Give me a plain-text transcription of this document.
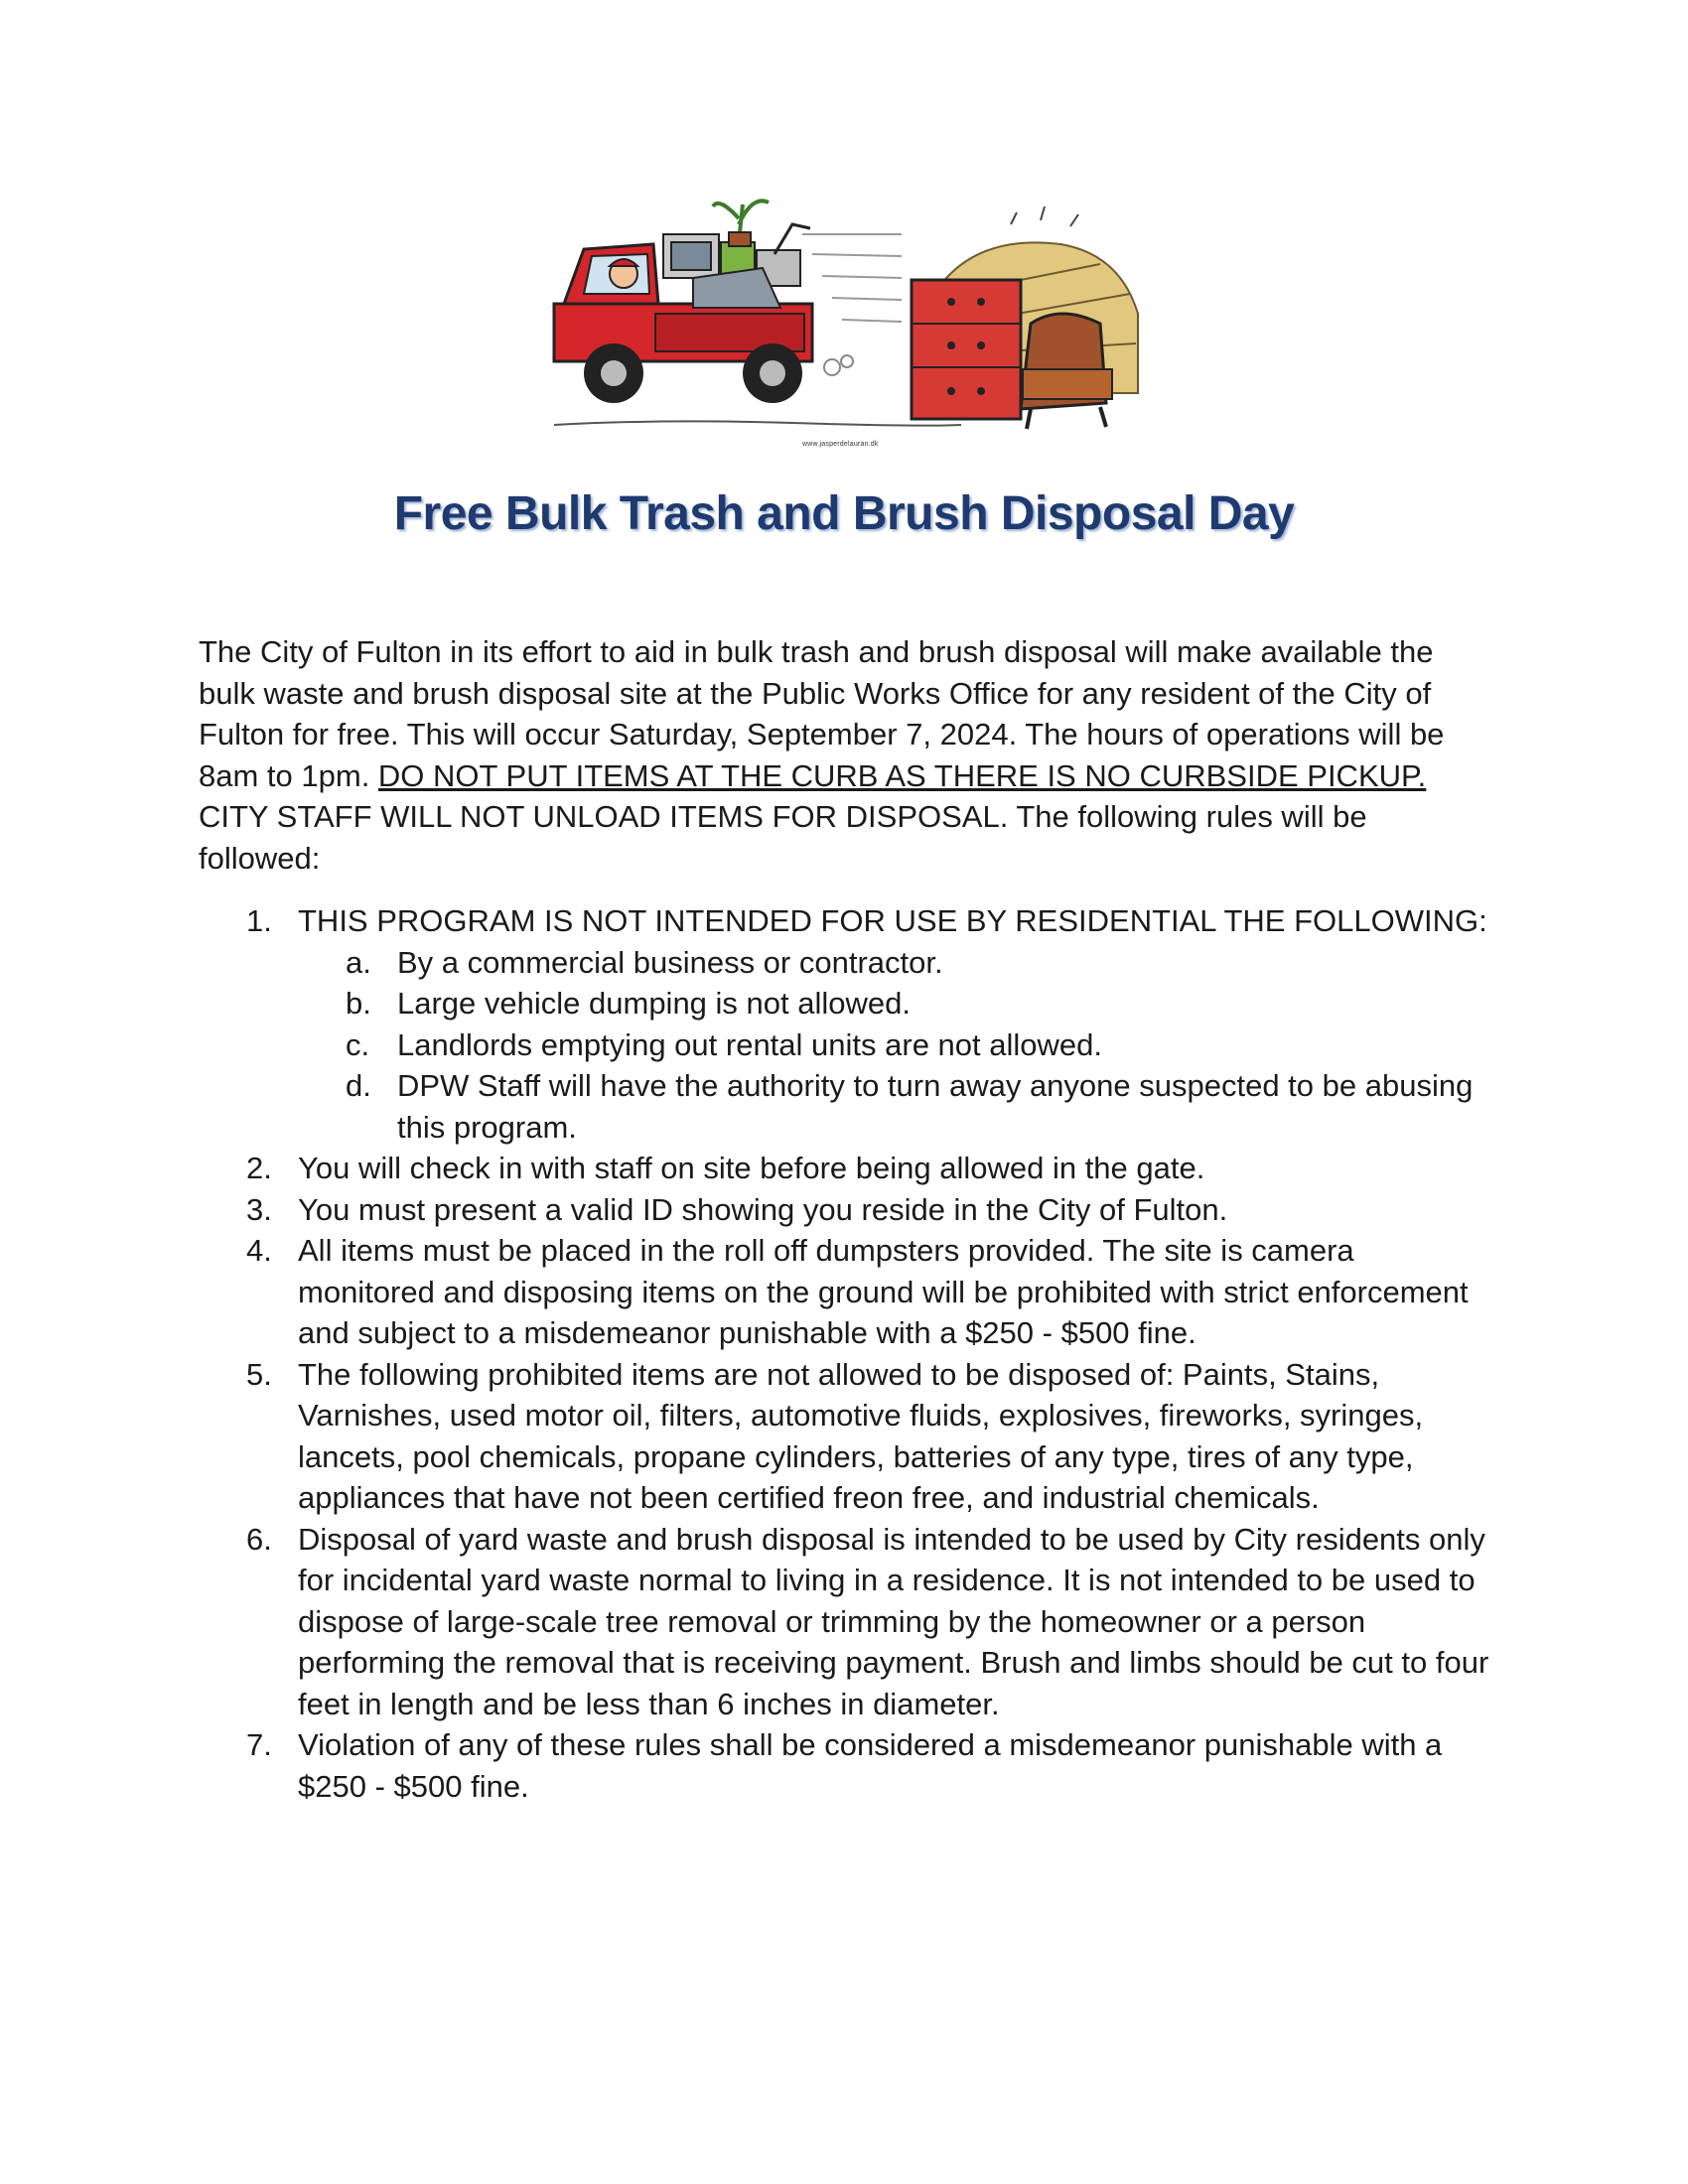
www.jasperdelauran.dk
Free Bulk Trash and Brush Disposal Day

The City of Fulton in its effort to aid in bulk trash and brush disposal will make available the bulk waste and brush disposal site at the Public Works Office for any resident of the City of Fulton for free. This will occur Saturday, September 7, 2024. The hours of operations will be 8am to 1pm. DO NOT PUT ITEMS AT THE CURB AS THERE IS NO CURBSIDE PICKUP. CITY STAFF WILL NOT UNLOAD ITEMS FOR DISPOSAL. The following rules will be followed:

1. THIS PROGRAM IS NOT INTENDED FOR USE BY RESIDENTIAL THE FOLLOWING:
a. By a commercial business or contractor.
b. Large vehicle dumping is not allowed.
c. Landlords emptying out rental units are not allowed.
d. DPW Staff will have the authority to turn away anyone suspected to be abusing this program.
2. You will check in with staff on site before being allowed in the gate.
3. You must present a valid ID showing you reside in the City of Fulton.
4. All items must be placed in the roll off dumpsters provided. The site is camera monitored and disposing items on the ground will be prohibited with strict enforcement and subject to a misdemeanor punishable with a $250 - $500 fine.
5. The following prohibited items are not allowed to be disposed of: Paints, Stains, Varnishes, used motor oil, filters, automotive fluids, explosives, fireworks, syringes, lancets, pool chemicals, propane cylinders, batteries of any type, tires of any type, appliances that have not been certified freon free, and industrial chemicals.
6. Disposal of yard waste and brush disposal is intended to be used by City residents only for incidental yard waste normal to living in a residence. It is not intended to be used to dispose of large-scale tree removal or trimming by the homeowner or a person performing the removal that is receiving payment. Brush and limbs should be cut to four feet in length and be less than 6 inches in diameter.
7. Violation of any of these rules shall be considered a misdemeanor punishable with a $250 - $500 fine.
